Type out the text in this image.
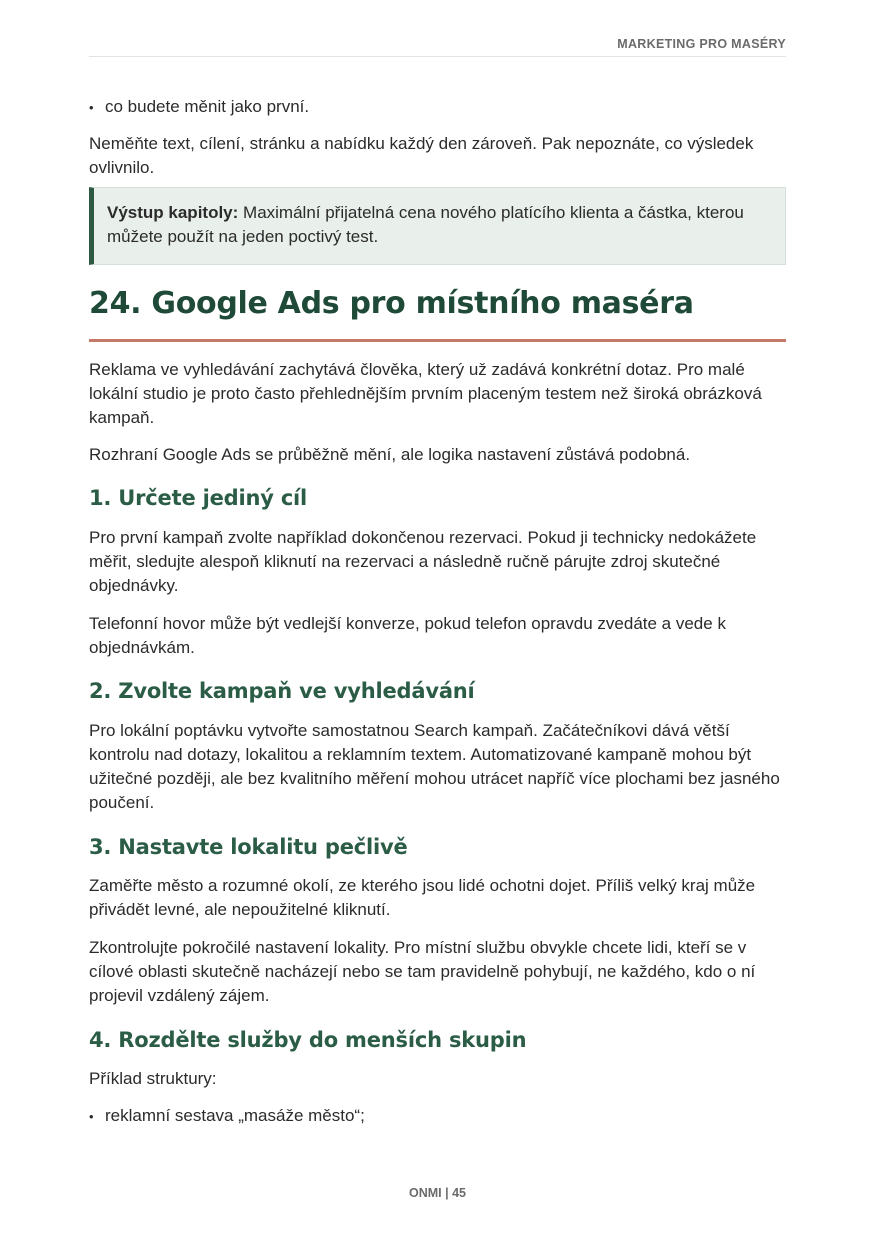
MARKETING PRO MASÉRY
• co budete měnit jako první.

Neměňte text, cílení, stránku a nabídku každý den zároveň. Pak nepoznáte, co výsledek ovlivnilo.

Výstup kapitoly: Maximální přijatelná cena nového platícího klienta a částka, kterou můžete použít na jeden poctivý test.

24. Google Ads pro místního maséra

Reklama ve vyhledávání zachytává člověka, který už zadává konkrétní dotaz. Pro malé lokální studio je proto často přehlednějším prvním placeným testem než široká obrázková kampaň.

Rozhraní Google Ads se průběžně mění, ale logika nastavení zůstává podobná.

1. Určete jediný cíl

Pro první kampaň zvolte například dokončenou rezervaci. Pokud ji technicky nedokážete měřit, sledujte alespoň kliknutí na rezervaci a následně ručně párujte zdroj skutečné objednávky.

Telefonní hovor může být vedlejší konverze, pokud telefon opravdu zvedáte a vede k objednávkám.

2. Zvolte kampaň ve vyhledávání

Pro lokální poptávku vytvořte samostatnou Search kampaň. Začátečníkovi dává větší kontrolu nad dotazy, lokalitou a reklamním textem. Automatizované kampaně mohou být užitečné později, ale bez kvalitního měření mohou utrácet napříč více plochami bez jasného poučení.

3. Nastavte lokalitu pečlivě

Zaměřte město a rozumné okolí, ze kterého jsou lidé ochotni dojet. Příliš velký kraj může přivádět levné, ale nepoužitelné kliknutí.

Zkontrolujte pokročilé nastavení lokality. Pro místní službu obvykle chcete lidi, kteří se v cílové oblasti skutečně nacházejí nebo se tam pravidelně pohybují, ne každého, kdo o ní projevil vzdálený zájem.

4. Rozdělte služby do menších skupin

Příklad struktury:

• reklamní sestava „masáže město“;
ONMI | 45
